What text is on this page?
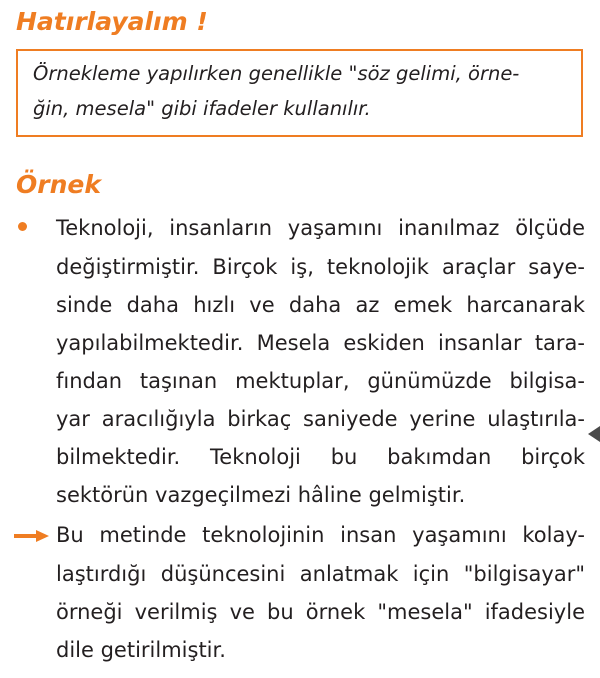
Hatırlayalım !
Örnekleme yapılırken genellikle "söz gelimi, örne-
ğin, mesela" gibi ifadeler kullanılır.
Örnek
Teknoloji, insanların yaşamını inanılmaz ölçüde
değiştirmiştir. Birçok iş, teknolojik araçlar saye-
sinde daha hızlı ve daha az emek harcanarak
yapılabilmektedir. Mesela eskiden insanlar tara-
fından taşınan mektuplar, günümüzde bilgisa-
yar aracılığıyla birkaç saniyede yerine ulaştırıla-
bilmektedir. Teknoloji bu bakımdan birçok
sektörün vazgeçilmezi hâline gelmiştir.
Bu metinde teknolojinin insan yaşamını kolay-
laştırdığı düşüncesini anlatmak için "bilgisayar"
örneği verilmiş ve bu örnek "mesela" ifadesiyle
dile getirilmiştir.
